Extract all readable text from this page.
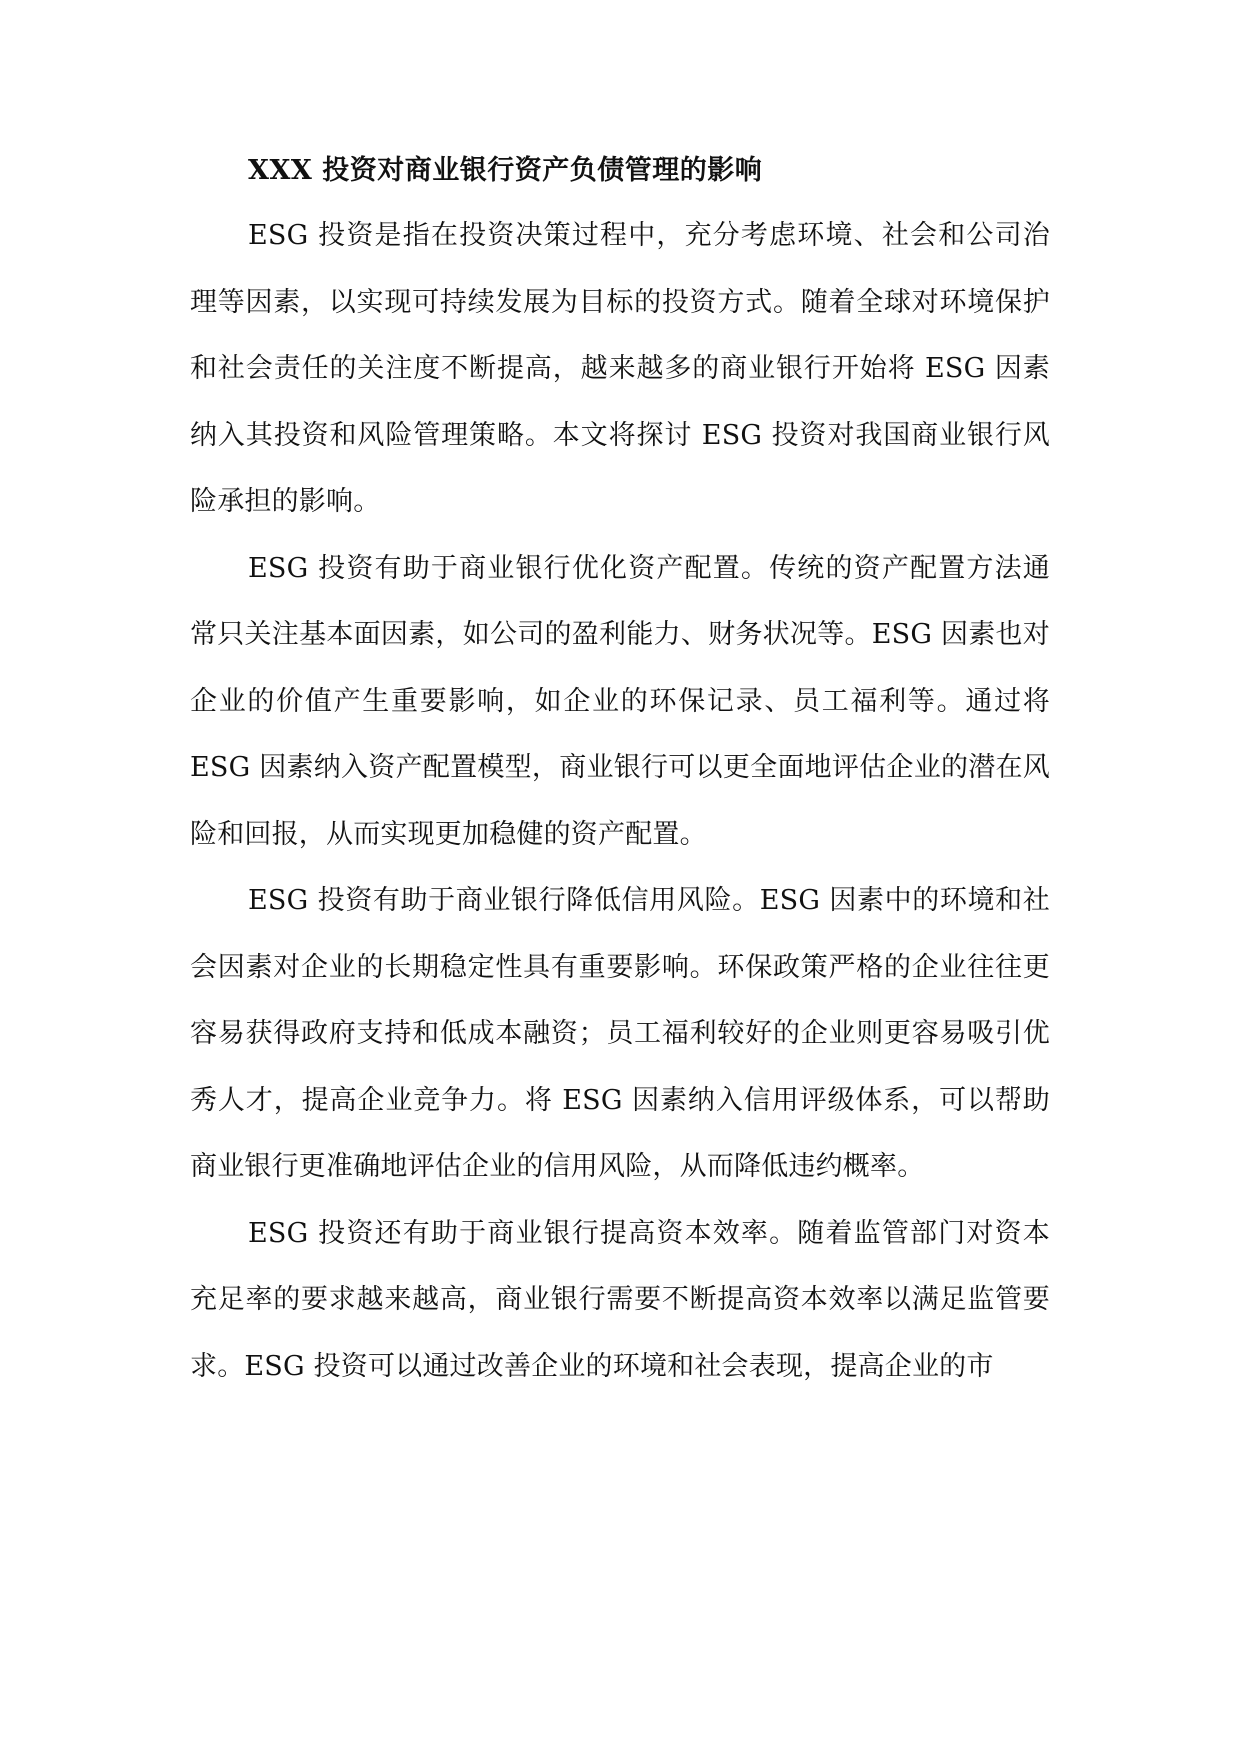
XXX 投资对商业银行资产负债管理的影响

ESG 投资是指在投资决策过程中，充分考虑环境、社会和公司治理等因素，以实现可持续发展为目标的投资方式。随着全球对环境保护和社会责任的关注度不断提高，越来越多的商业银行开始将 ESG 因素纳入其投资和风险管理策略。本文将探讨 ESG 投资对我国商业银行风险承担的影响。

ESG 投资有助于商业银行优化资产配置。传统的资产配置方法通常只关注基本面因素，如公司的盈利能力、财务状况等。ESG 因素也对企业的价值产生重要影响，如企业的环保记录、员工福利等。通过将 ESG 因素纳入资产配置模型，商业银行可以更全面地评估企业的潜在风险和回报，从而实现更加稳健的资产配置。

ESG 投资有助于商业银行降低信用风险。ESG 因素中的环境和社会因素对企业的长期稳定性具有重要影响。环保政策严格的企业往往更容易获得政府支持和低成本融资；员工福利较好的企业则更容易吸引优秀人才，提高企业竞争力。将 ESG 因素纳入信用评级体系，可以帮助商业银行更准确地评估企业的信用风险，从而降低违约概率。

ESG 投资还有助于商业银行提高资本效率。随着监管部门对资本充足率的要求越来越高，商业银行需要不断提高资本效率以满足监管要求。ESG 投资可以通过改善企业的环境和社会表现，提高企业的市
